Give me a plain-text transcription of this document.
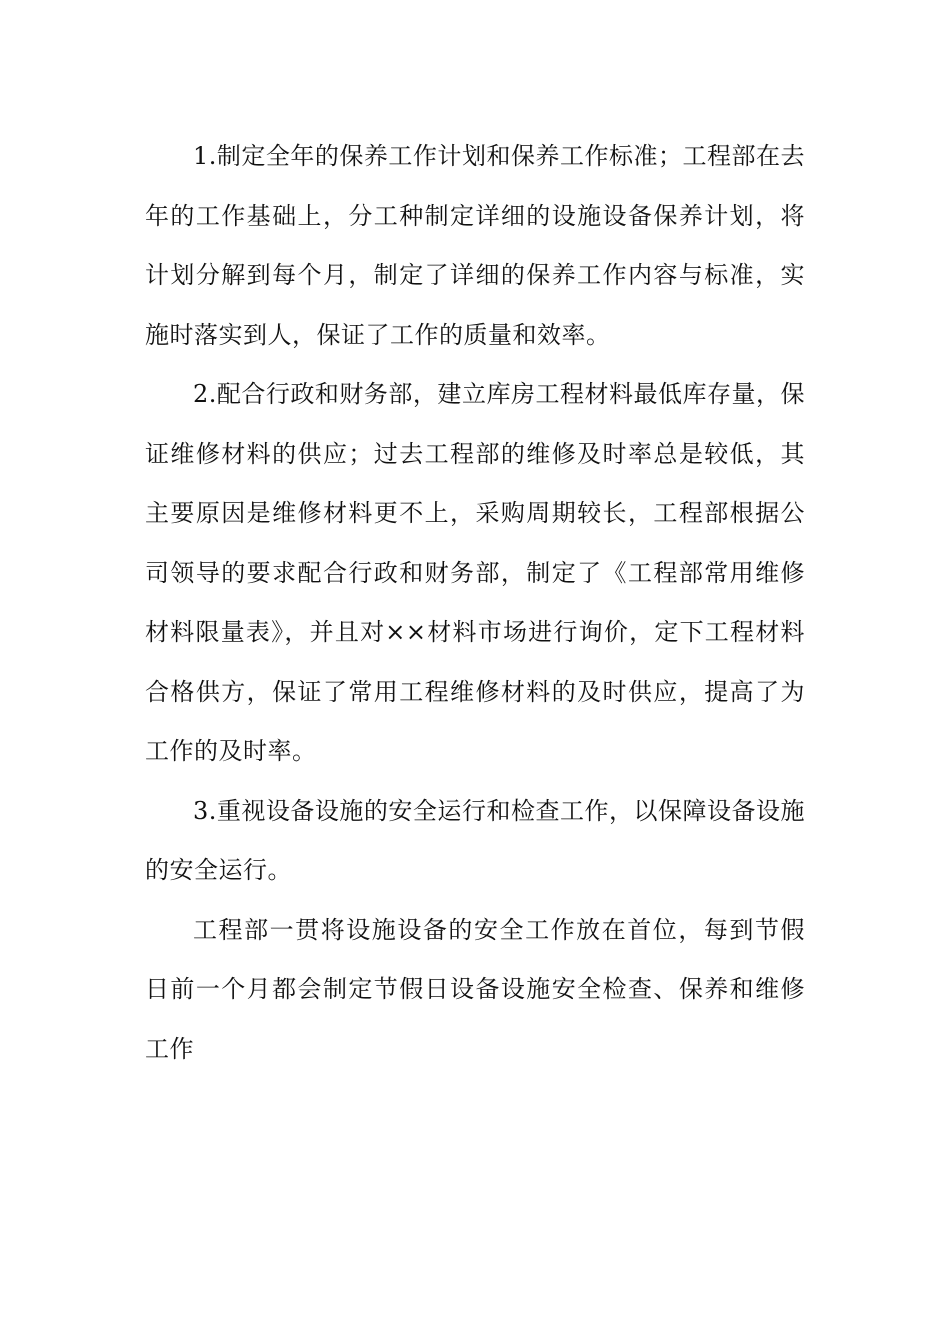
1.制定全年的保养工作计划和保养工作标准；工程部在去年的工作基础上，分工种制定详细的设施设备保养计划，将计划分解到每个月，制定了详细的保养工作内容与标准，实施时落实到人，保证了工作的质量和效率。

2.配合行政和财务部，建立库房工程材料最低库存量，保证维修材料的供应；过去工程部的维修及时率总是较低，其主要原因是维修材料更不上，采购周期较长，工程部根据公司领导的要求配合行政和财务部，制定了《工程部常用维修材料限量表》，并且对××材料市场进行询价，定下工程材料合格供方，保证了常用工程维修材料的及时供应，提高了为工作的及时率。

3.重视设备设施的安全运行和检查工作，以保障设备设施的安全运行。

工程部一贯将设施设备的安全工作放在首位，每到节假日前一个月都会制定节假日设备设施安全检查、保养和维修工作
